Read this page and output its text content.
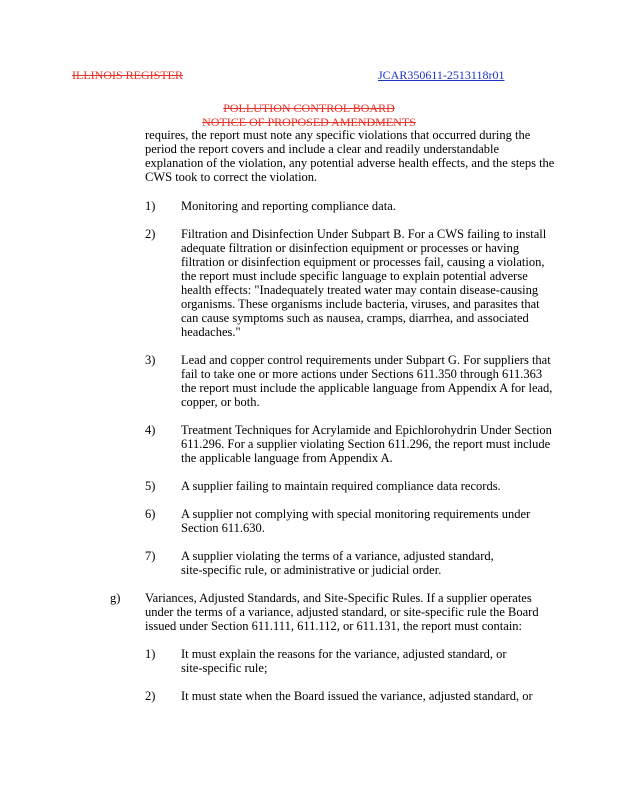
ILLINOIS REGISTER	JCAR350611-2513118r01
POLLUTION CONTROL BOARD
NOTICE OF PROPOSED AMENDMENTS
requires, the report must note any specific violations that occurred during the
period the report covers and include a clear and readily understandable
explanation of the violation, any potential adverse health effects, and the steps the
CWS took to correct the violation.
1)	Monitoring and reporting compliance data.
2)	Filtration and Disinfection Under Subpart B. For a CWS failing to install
adequate filtration or disinfection equipment or processes or having
filtration or disinfection equipment or processes fail, causing a violation,
the report must include specific language to explain potential adverse
health effects: "Inadequately treated water may contain disease-causing
organisms. These organisms include bacteria, viruses, and parasites that
can cause symptoms such as nausea, cramps, diarrhea, and associated
headaches."
3)	Lead and copper control requirements under Subpart G. For suppliers that
fail to take one or more actions under Sections 611.350 through 611.363
the report must include the applicable language from Appendix A for lead,
copper, or both.
4)	Treatment Techniques for Acrylamide and Epichlorohydrin Under Section
611.296. For a supplier violating Section 611.296, the report must include
the applicable language from Appendix A.
5)	A supplier failing to maintain required compliance data records.
6)	A supplier not complying with special monitoring requirements under
Section 611.630.
7)	A supplier violating the terms of a variance, adjusted standard,
site-specific rule, or administrative or judicial order.
g)	Variances, Adjusted Standards, and Site-Specific Rules. If a supplier operates
under the terms of a variance, adjusted standard, or site-specific rule the Board
issued under Section 611.111, 611.112, or 611.131, the report must contain:
1)	It must explain the reasons for the variance, adjusted standard, or
site-specific rule;
2)	It must state when the Board issued the variance, adjusted standard, or
